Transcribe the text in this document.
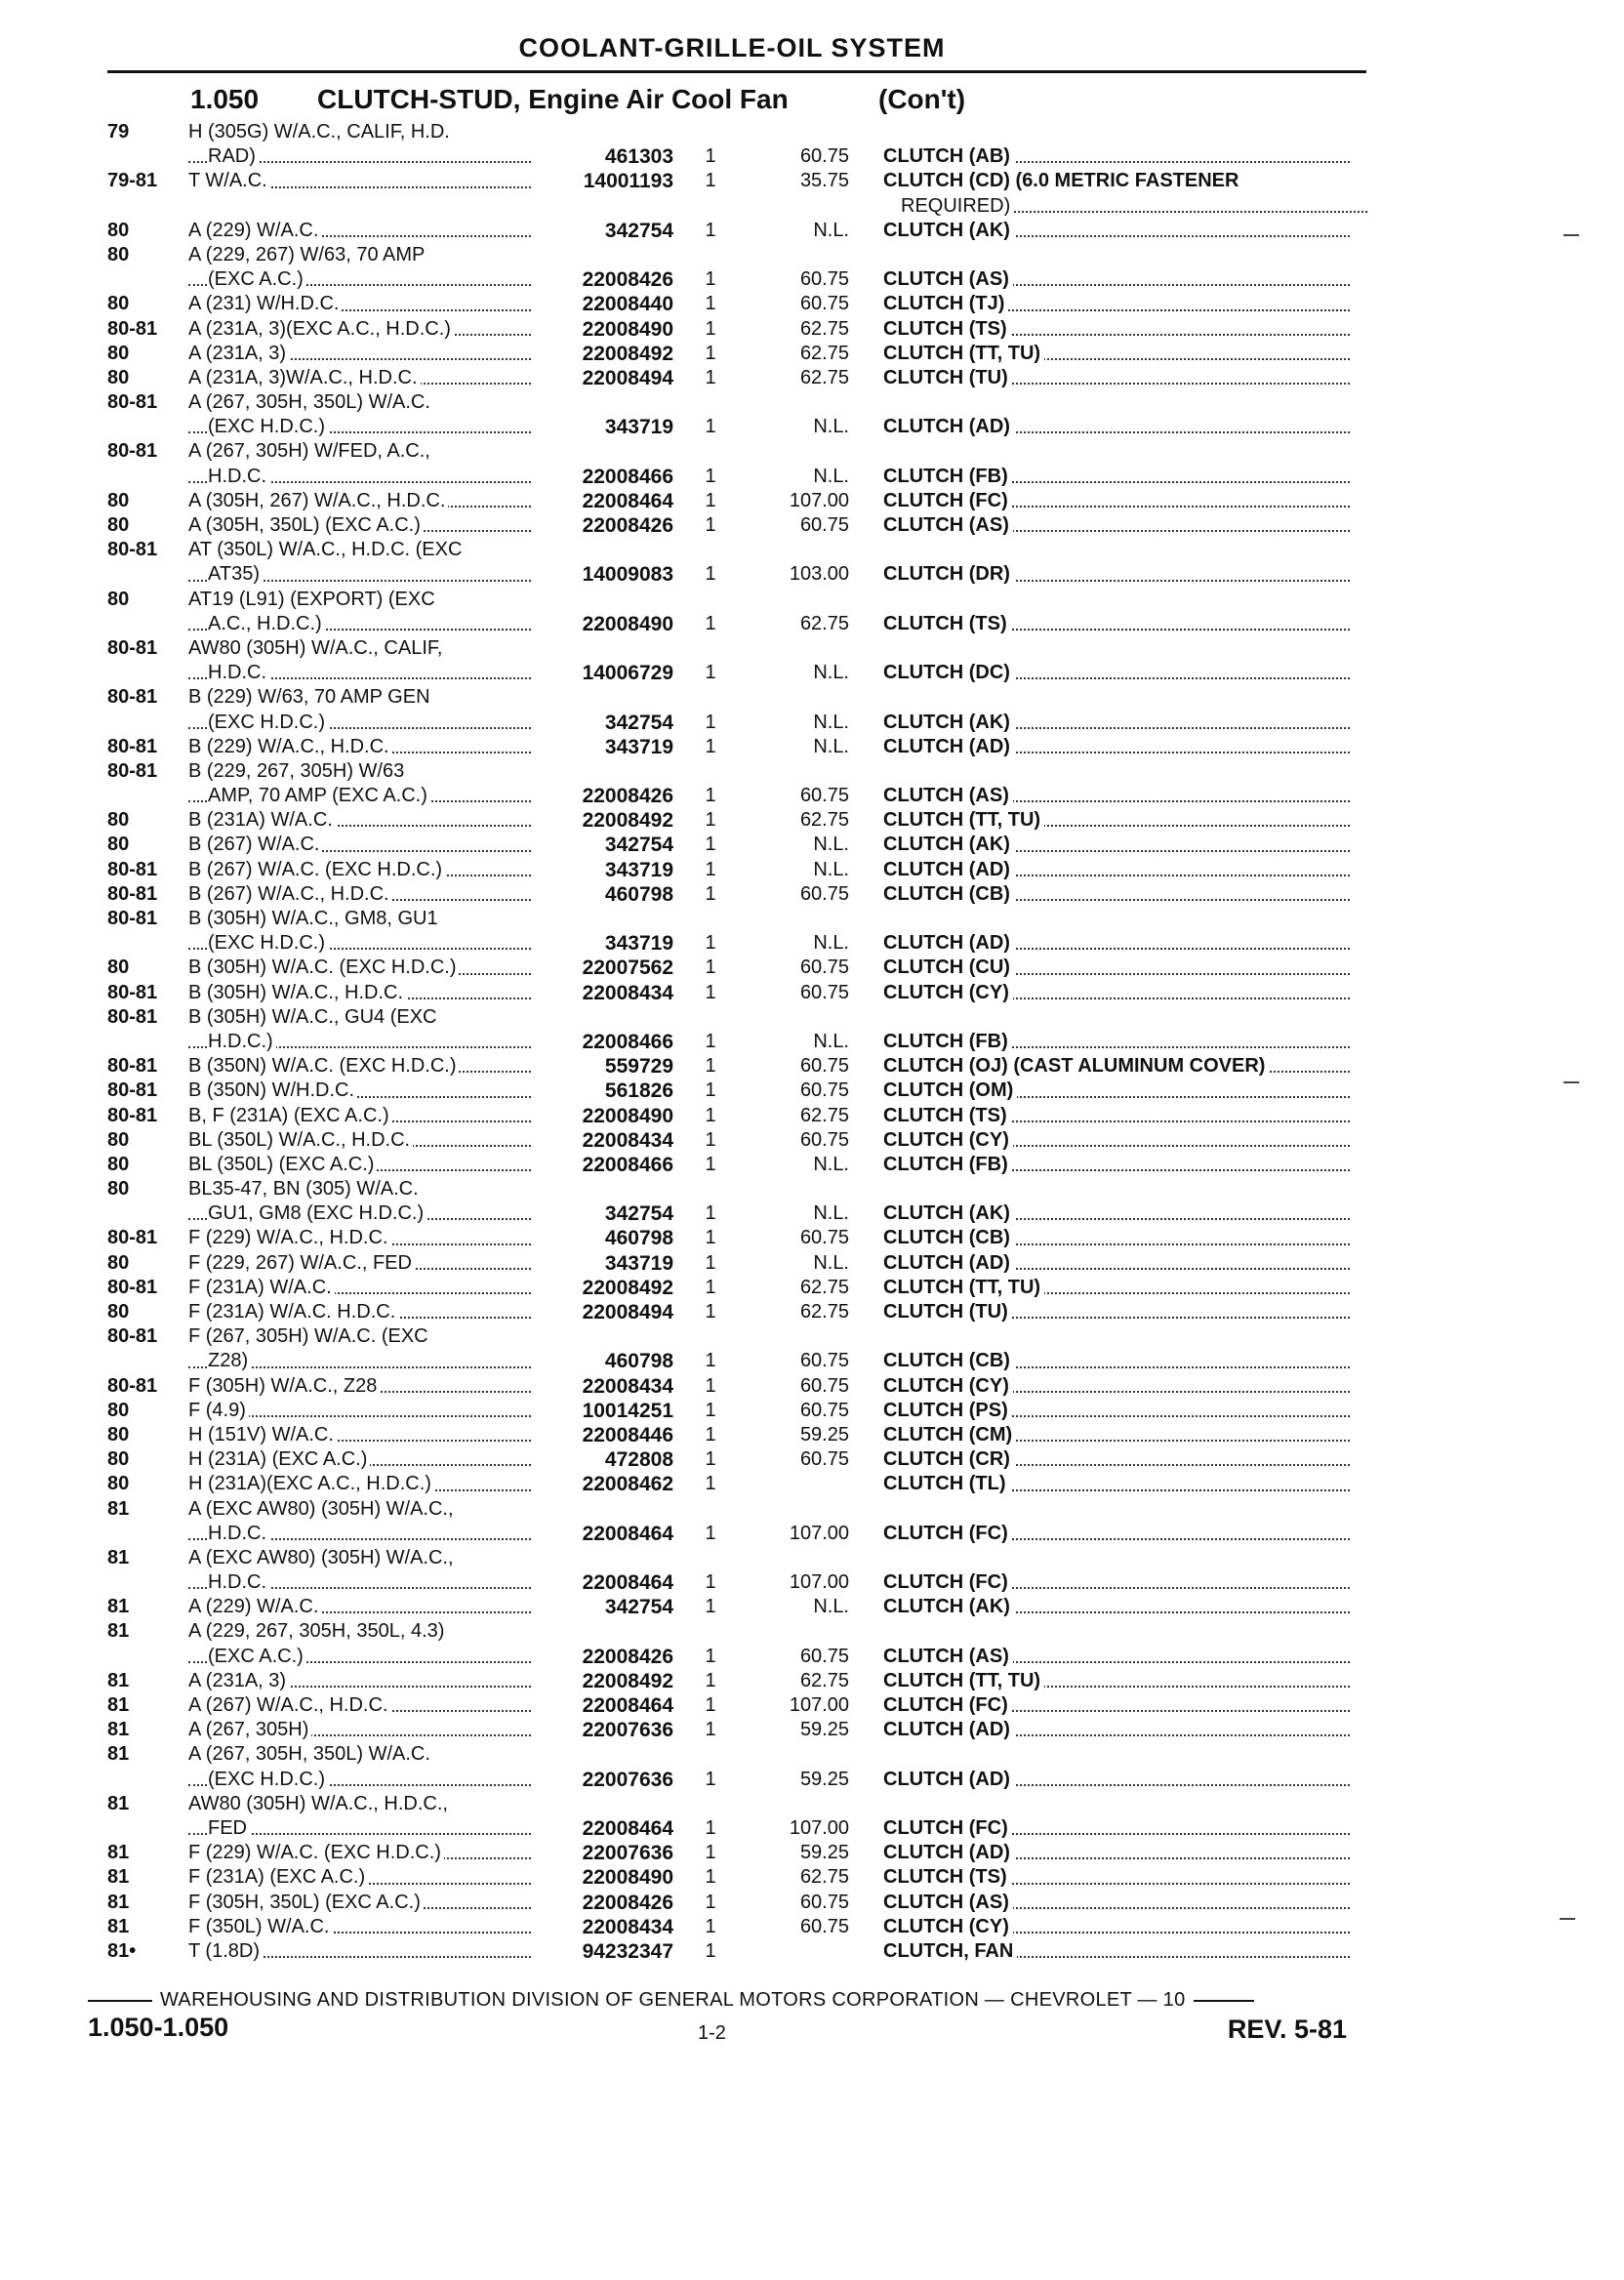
COOLANT-GRILLE-OIL SYSTEM
1.050 CLUTCH-STUD, Engine Air Cool Fan	(Con't)
79	H (305G) W/A.C., CALIF, H.D.
RAD)	461303 1	60.75 CLUTCH (AB)
79-81 T W/A.C.	14001193 1	35.75 CLUTCH (CD) (6.0 METRIC FASTENER
REQUIRED)
80	A (229) W/A.C.	342754 1	N.L. CLUTCH (AK)
80	A (229, 267) W/63, 70 AMP
(EXC A.C.)	22008426 1	60.75 CLUTCH (AS)
80	A (231) W/H.D.C.	22008440 1	60.75 CLUTCH (TJ)
80-81 A (231A, 3)(EXC A.C., H.D.C.)	22008490 1	62.75 CLUTCH (TS)
80	A (231A, 3)	22008492 1	62.75 CLUTCH (TT, TU)
80	A (231A, 3)W/A.C., H.D.C.	22008494 1	62.75 CLUTCH (TU)
80-81 A (267, 305H, 350L) W/A.C.
(EXC H.D.C.)	343719 1	N.L. CLUTCH (AD)
80-81 A (267, 305H) W/FED, A.C.,
H.D.C.	22008466 1	N.L. CLUTCH (FB)
80	A (305H, 267) W/A.C., H.D.C.	22008464 1	107.00 CLUTCH (FC)
80	A (305H, 350L) (EXC A.C.)	22008426 1	60.75 CLUTCH (AS)
80-81 AT (350L) W/A.C., H.D.C. (EXC
AT35)	14009083 1	103.00 CLUTCH (DR)
80	AT19 (L91) (EXPORT) (EXC
A.C., H.D.C.)	22008490 1	62.75 CLUTCH (TS)
80-81 AW80 (305H) W/A.C., CALIF,
H.D.C.	14006729 1	N.L. CLUTCH (DC)
80-81 B (229) W/63, 70 AMP GEN
(EXC H.D.C.)	342754 1	N.L. CLUTCH (AK)
80-81 B (229) W/A.C., H.D.C.	343719 1	N.L. CLUTCH (AD)
80-81 B (229, 267, 305H) W/63
AMP, 70 AMP (EXC A.C.)	22008426 1	60.75 CLUTCH (AS)
80	B (231A) W/A.C.	22008492 1	62.75 CLUTCH (TT, TU)
80	B (267) W/A.C.	342754 1	N.L. CLUTCH (AK)
80-81 B (267) W/A.C. (EXC H.D.C.)	343719 1	N.L. CLUTCH (AD)
80-81 B (267) W/A.C., H.D.C.	460798 1	60.75 CLUTCH (CB)
80-81 B (305H) W/A.C., GM8, GU1
(EXC H.D.C.)	343719 1	N.L. CLUTCH (AD)
80	B (305H) W/A.C. (EXC H.D.C.)	22007562 1	60.75 CLUTCH (CU)
80-81 B (305H) W/A.C., H.D.C.	22008434 1	60.75 CLUTCH (CY)
80-81 B (305H) W/A.C., GU4 (EXC
H.D.C.)	22008466 1	N.L. CLUTCH (FB)
80-81 B (350N) W/A.C. (EXC H.D.C.)	559729 1	60.75 CLUTCH (OJ) (CAST ALUMINUM COVER)
80-81 B (350N) W/H.D.C.	561826 1	60.75 CLUTCH (OM)
80-81 B, F (231A) (EXC A.C.)	22008490 1	62.75 CLUTCH (TS)
80	BL (350L) W/A.C., H.D.C.	22008434 1	60.75 CLUTCH (CY)
80	BL (350L) (EXC A.C.)	22008466 1	N.L. CLUTCH (FB)
80	BL35-47, BN (305) W/A.C.
GU1, GM8 (EXC H.D.C.)	342754 1	N.L. CLUTCH (AK)
80-81 F (229) W/A.C., H.D.C.	460798 1	60.75 CLUTCH (CB)
80	F (229, 267) W/A.C., FED	343719 1	N.L. CLUTCH (AD)
80-81 F (231A) W/A.C.	22008492 1	62.75 CLUTCH (TT, TU)
80	F (231A) W/A.C. H.D.C.	22008494 1	62.75 CLUTCH (TU)
80-81 F (267, 305H) W/A.C. (EXC
Z28)	460798 1	60.75 CLUTCH (CB)
80-81 F (305H) W/A.C., Z28	22008434 1	60.75 CLUTCH (CY)
80	F (4.9)	10014251 1	60.75 CLUTCH (PS)
80	H (151V) W/A.C.	22008446 1	59.25 CLUTCH (CM)
80	H (231A) (EXC A.C.)	472808 1	60.75 CLUTCH (CR)
80	H (231A)(EXC A.C., H.D.C.)	22008462 1	CLUTCH (TL)
81	A (EXC AW80) (305H) W/A.C.,
H.D.C.	22008464 1	107.00 CLUTCH (FC)
81	A (EXC AW80) (305H) W/A.C.,
H.D.C.	22008464 1	107.00 CLUTCH (FC)
81	A (229) W/A.C.	342754 1	N.L. CLUTCH (AK)
81	A (229, 267, 305H, 350L, 4.3)
(EXC A.C.)	22008426 1	60.75 CLUTCH (AS)
81	A (231A, 3)	22008492 1	62.75 CLUTCH (TT, TU)
81	A (267) W/A.C., H.D.C.	22008464 1	107.00 CLUTCH (FC)
81	A (267, 305H)	22007636 1	59.25 CLUTCH (AD)
81	A (267, 305H, 350L) W/A.C.
(EXC H.D.C.)	22007636 1	59.25 CLUTCH (AD)
81	AW80 (305H) W/A.C., H.D.C.,
FED	22008464 1	107.00 CLUTCH (FC)
81	F (229) W/A.C. (EXC H.D.C.)	22007636 1	59.25 CLUTCH (AD)
81	F (231A) (EXC A.C.)	22008490 1	62.75 CLUTCH (TS)
81	F (305H, 350L) (EXC A.C.)	22008426 1	60.75 CLUTCH (AS)
81	F (350L) W/A.C.	22008434 1	60.75 CLUTCH (CY)
81•	T (1.8D)	94232347 1	CLUTCH, FAN
WAREHOUSING AND DISTRIBUTION DIVISION OF GENERAL MOTORS CORPORATION — CHEVROLET — 10
1.050-1.050	1-2	REV. 5-81
